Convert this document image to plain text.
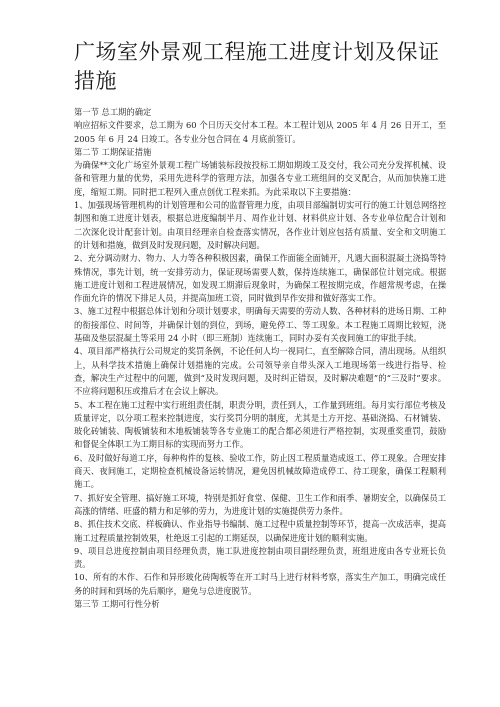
广场室外景观工程施工进度计划及保证措施

第一节 总工期的确定

响应招标文件要求，总工期为 60 个日历天交付本工程。本工程计划从 2005 年 4 月 26 日开工，至 2005 年 6 月 24 日竣工。各专业分包合同在 4 月底前签订。

第二节 工期保证措施

为确保**文化广场室外景观工程广场铺装标段按投标工期如期竣工及交付，我公司充分发挥机械、设备和管理力量的优势，采用先进科学的管理方法，加强各专业工班组间的交叉配合，从而加快施工进度，缩短工期。同时把工程列入重点创优工程来抓。为此采取以下主要措施：

1、加强现场管理机构的计划管理和公司的监督管理力度，由项目部编制切实可行的施工计划总网络控制图和施工进度计划表，根据总进度编制半月、周作业计划、材料供应计划、各专业单位配合计划和二次深化设计配套计划。由项目经理亲自检查落实情况，各作业计划应包括有质量、安全和文明施工的计划和措施，做到及时发现问题，及时解决问题。

2、充分调动财力、物力、人力等各种积极因素，确保工作面能全面铺开，凡遇大面积混凝土浇捣等特殊情况，事先计划，统一安排劳动力，保证现场需要人数，保持连续施工，确保部位计划完成。根据施工进度计划和工程进展情况，如发现工期滞后现象时，为确保工程按期完成，作超常规考虑，在操作面允许的情况下排足人员，并提高加班工资，同时做到早作安排和做好落实工作。

3、施工过程中根据总体计划和分项计划要求，明确每天需要的劳动人数、各种材料的进场日期、工种的衔接部位、时间等，并确保计划的到位，到场，避免停工、等工现象。本工程施工周期比较短，浇基础及垫层混凝土等采用 24 小时（即三班制）连续施工，同时办妥有关夜间施工的审批手续。

4、项目部严格执行公司规定的奖罚条例，不论任何人均一视同仁，直至解除合同，清出现场。从组织上，从科学技术措施上确保计划措施的完成。公司领导亲自带头深入工地现场第一线进行指导、检查，解决生产过程中的问题，做到“及时发现问题，及时纠正错误，及时解决难题”的“三及时”要求。不应将问题积压或推后才在会议上解决。

5、本工程在施工过程中实行班组责任制，职责分明，责任到人，工作量到班组。每月实行部位考核及质量评定，以分项工程来控制进度，实行奖罚分明的制度，尤其是土方开挖、基础浇捣、石材铺装、玻化砖铺装、陶板铺装和木地板铺装等各专业施工的配合都必须进行严格控制，实现重奖重罚，鼓励和督促全体职工为工期目标的实现而努力工作。

6、及时做好每道工序，每种构件的复核、验收工作，防止因工程质量造成返工、停工现象。合理安排商天、夜间施工，定期检查机械设备运转情况，避免因机械故障造成停工、待工现象，确保工程顺利施工。

7、抓好安全管理、搞好施工环境，特别是抓好食堂、保健、卫生工作和雨季、暑期安全，以确保员工高涨的情绪、旺盛的精力和足够的劳力，为进度计划的实施提供劳力条件。

8、抓住技术交底、样板确认、作业指导书编制、施工过程中质量控制等环节，提高一次成活率，提高施工过程质量控制效果，杜绝返工引起的工期延误，以确保进度计划的顺利实施。

9、项目总进度控制由项目经理负责，施工队进度控制由项目副经理负责，班组进度由各专业班长负责。

10、所有的木作、石作和异形玻化砖陶板等在开工时马上进行材料考察，落实生产加工，明确完成任务的时间和到场的先后顺序，避免与总进度脱节。

第三节 工期可行性分析
